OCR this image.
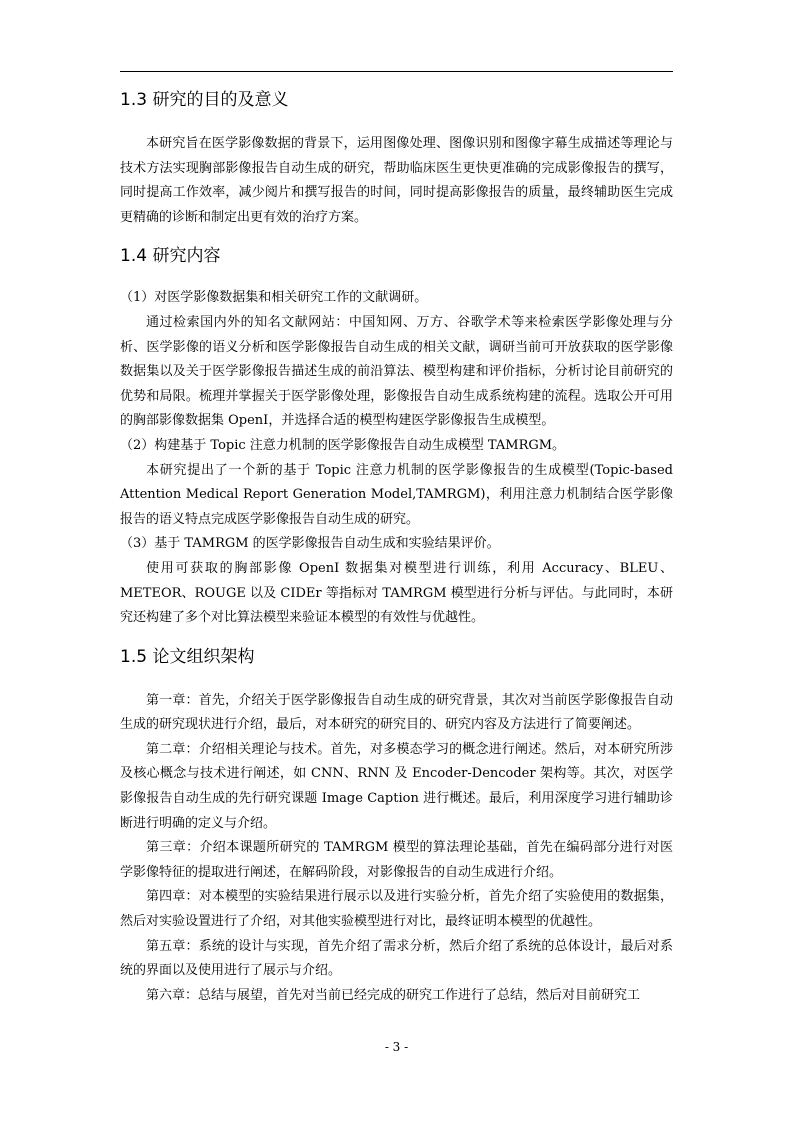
1.3 研究的目的及意义

本研究旨在医学影像数据的背景下，运用图像处理、图像识别和图像字幕生成描述等理论与技术方法实现胸部影像报告自动生成的研究，帮助临床医生更快更准确的完成影像报告的撰写，同时提高工作效率，减少阅片和撰写报告的时间，同时提高影像报告的质量，最终辅助医生完成更精确的诊断和制定出更有效的治疗方案。

1.4 研究内容

（1）对医学影像数据集和相关研究工作的文献调研。

通过检索国内外的知名文献网站：中国知网、万方、谷歌学术等来检索医学影像处理与分析、医学影像的语义分析和医学影像报告自动生成的相关文献，调研当前可开放获取的医学影像数据集以及关于医学影像报告描述生成的前沿算法、模型构建和评价指标，分析讨论目前研究的优势和局限。梳理并掌握关于医学影像处理，影像报告自动生成系统构建的流程。选取公开可用的胸部影像数据集 OpenI，并选择合适的模型构建医学影像报告生成模型。

（2）构建基于 Topic 注意力机制的医学影像报告自动生成模型 TAMRGM。

本研究提出了一个新的基于 Topic 注意力机制的医学影像报告的生成模型(Topic-based Attention Medical Report Generation Model,TAMRGM)，利用注意力机制结合医学影像报告的语义特点完成医学影像报告自动生成的研究。

（3）基于 TAMRGM 的医学影像报告自动生成和实验结果评价。

使用可获取的胸部影像 OpenI 数据集对模型进行训练，利用 Accuracy、BLEU、METEOR、ROUGE 以及 CIDEr 等指标对 TAMRGM 模型进行分析与评估。与此同时，本研究还构建了多个对比算法模型来验证本模型的有效性与优越性。

1.5 论文组织架构

第一章：首先，介绍关于医学影像报告自动生成的研究背景，其次对当前医学影像报告自动生成的研究现状进行介绍，最后，对本研究的研究目的、研究内容及方法进行了简要阐述。

第二章：介绍相关理论与技术。首先，对多模态学习的概念进行阐述。然后，对本研究所涉及核心概念与技术进行阐述，如 CNN、RNN 及 Encoder-Dencoder 架构等。其次，对医学影像报告自动生成的先行研究课题 Image Caption 进行概述。最后，利用深度学习进行辅助诊断进行明确的定义与介绍。

第三章：介绍本课题所研究的 TAMRGM 模型的算法理论基础，首先在编码部分进行对医学影像特征的提取进行阐述，在解码阶段，对影像报告的自动生成进行介绍。

第四章：对本模型的实验结果进行展示以及进行实验分析，首先介绍了实验使用的数据集，然后对实验设置进行了介绍，对其他实验模型进行对比，最终证明本模型的优越性。

第五章：系统的设计与实现，首先介绍了需求分析，然后介绍了系统的总体设计，最后对系统的界面以及使用进行了展示与介绍。

第六章：总结与展望，首先对当前已经完成的研究工作进行了总结，然后对目前研究工

- 3 -
